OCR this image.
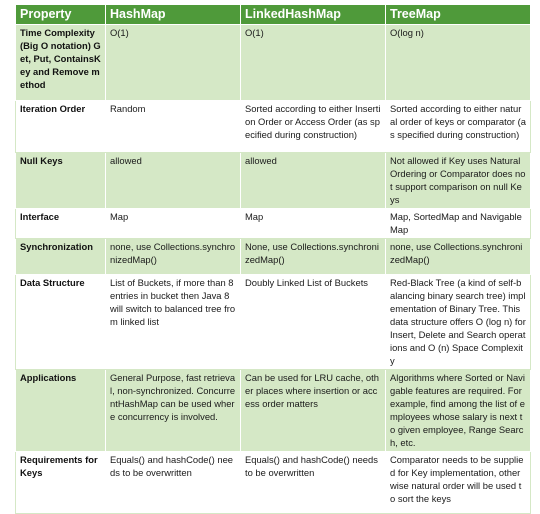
Property	HashMap	LinkedHashMap	TreeMap
Time Complexity (Big O notation) Get, Put, ContainsKey and Remove method	O(1)	O(1)	O(log n)
Iteration Order	Random	Sorted according to either Insertion Order or Access Order (as specified during construction)	Sorted according to either natural order of keys or comparator (as specified during construction)
Null Keys	allowed	allowed	Not allowed if Key uses Natural Ordering or Comparator does not support comparison on null Keys
Interface	Map	Map	Map, SortedMap and NavigableMap
Synchronization	none, use Collections.synchronizedMap()	None, use Collections.synchronizedMap()	none, use Collections.synchronizedMap()
Data Structure	List of Buckets, if more than 8 entries in bucket then Java 8 will switch to balanced tree from linked list	Doubly Linked List of Buckets	Red-Black Tree (a kind of self-balancing binary search tree) implementation of Binary Tree. This data structure offers O (log n) for Insert, Delete and Search operations and O (n) Space Complexity
Applications	General Purpose, fast retrieval, non-synchronized. ConcurrentHashMap can be used where concurrency is involved.	Can be used for LRU cache, other places where insertion or access order matters	Algorithms where Sorted or Navigable features are required. For example, find among the list of employees whose salary is next to given employee, Range Search, etc.
Requirements for Keys	Equals() and hashCode() needs to be overwritten	Equals() and hashCode() needs to be overwritten	Comparator needs to be supplied for Key implementation, otherwise natural order will be used to sort the keys
